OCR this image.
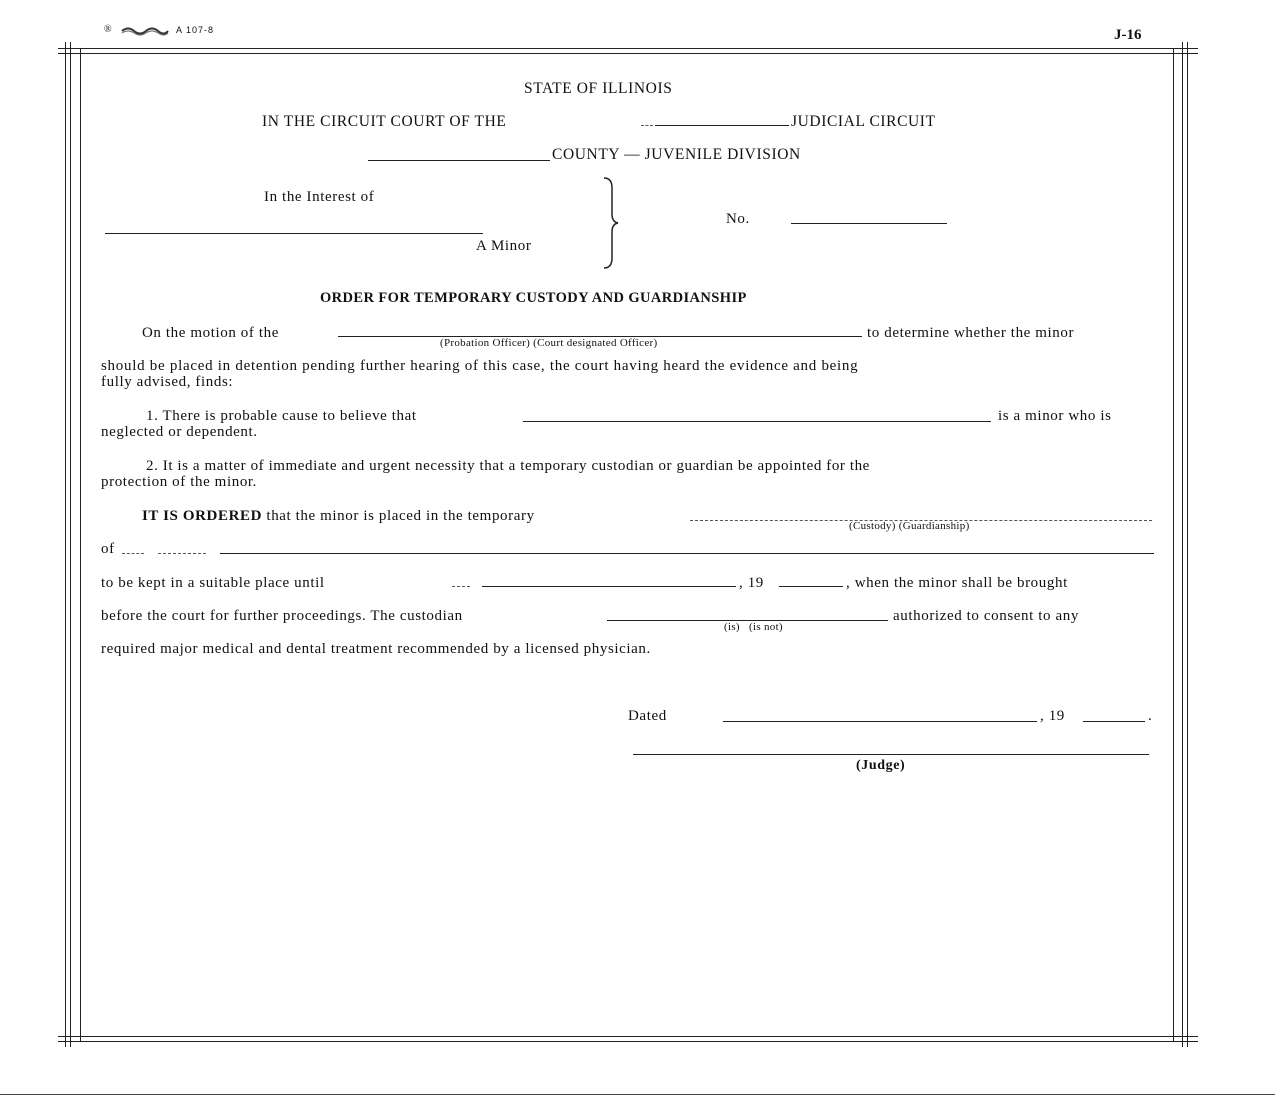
®	A 107-8	J-16
STATE OF ILLINOIS
IN THE CIRCUIT COURT OF THE	JUDICIAL CIRCUIT
COUNTY — JUVENILE DIVISION
In the Interest of
A Minor
No.
ORDER FOR TEMPORARY CUSTODY AND GUARDIANSHIP
On the motion of the	to determine whether the minor
(Probation Officer) (Court designated Officer)
should be placed in detention pending further hearing of this case, the court having heard the evidence and being
fully advised, finds:
1. There is probable cause to believe that	is a minor who is
neglected or dependent.
2. It is a matter of immediate and urgent necessity that a temporary custodian or guardian be appointed for the
protection of the minor.
IT IS ORDERED that the minor is placed in the temporary
(Custody) (Guardianship)
of
to be kept in a suitable place until	, 19	, when the minor shall be brought
before the court for further proceedings. The custodian	authorized to consent to any
(is)   (is not)
required major medical and dental treatment recommended by a licensed physician.
Dated	, 19	.
(Judge)
